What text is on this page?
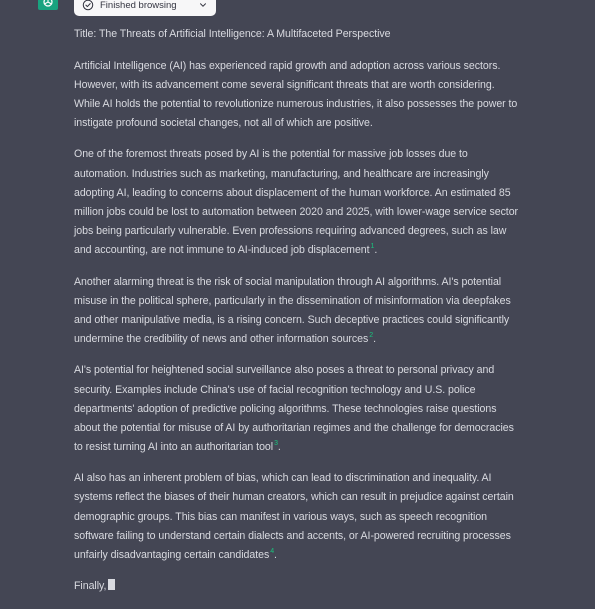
Finished browsing

Title: The Threats of Artificial Intelligence: A Multifaceted Perspective

Artificial Intelligence (AI) has experienced rapid growth and adoption across various sectors. However, with its advancement come several significant threats that are worth considering. While AI holds the potential to revolutionize numerous industries, it also possesses the power to instigate profound societal changes, not all of which are positive.

One of the foremost threats posed by AI is the potential for massive job losses due to automation. Industries such as marketing, manufacturing, and healthcare are increasingly adopting AI, leading to concerns about displacement of the human workforce. An estimated 85 million jobs could be lost to automation between 2020 and 2025, with lower-wage service sector jobs being particularly vulnerable. Even professions requiring advanced degrees, such as law and accounting, are not immune to AI-induced job displacement$^1$.

Another alarming threat is the risk of social manipulation through AI algorithms. AI's potential misuse in the political sphere, particularly in the dissemination of misinformation via deepfakes and other manipulative media, is a rising concern. Such deceptive practices could significantly undermine the credibility of news and other information sources$^2$.

AI's potential for heightened social surveillance also poses a threat to personal privacy and security. Examples include China's use of facial recognition technology and U.S. police departments' adoption of predictive policing algorithms. These technologies raise questions about the potential for misuse of AI by authoritarian regimes and the challenge for democracies to resist turning AI into an authoritarian tool$^3$.

AI also has an inherent problem of bias, which can lead to discrimination and inequality. AI systems reflect the biases of their human creators, which can result in prejudice against certain demographic groups. This bias can manifest in various ways, such as speech recognition software failing to understand certain dialects and accents, or AI-powered recruiting processes unfairly disadvantaging certain candidates$^4$.

Finally,
